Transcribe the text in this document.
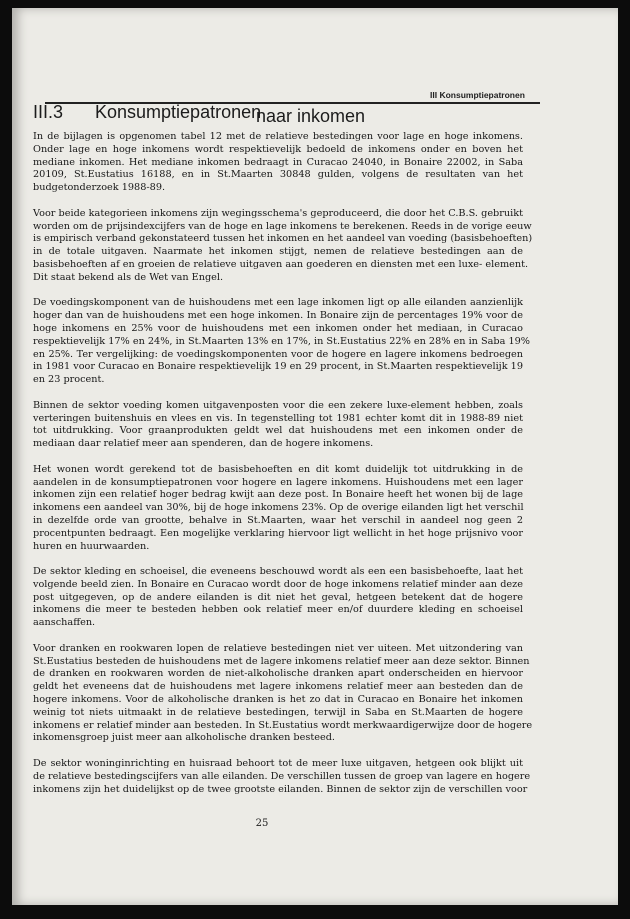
III Konsumptiepatronen
III.3 Konsumptiepatronen
naar inkomen
In de bijlagen is opgenomen tabel 12 met de relatieve bestedingen voor lage en hoge inkomens.
Onder lage en hoge inkomens wordt respektievelijk bedoeld de inkomens onder en boven het
mediane inkomen. Het mediane inkomen bedraagt in Curacao 24040, in Bonaire 22002, in Saba
20109, St.Eustatius 16188, en in St.Maarten 30848 gulden, volgens de resultaten van het
budgetonderzoek 1988-89.
Voor beide kategorieen inkomens zijn wegingsschema's geproduceerd, die door het C.B.S. gebruikt
worden om de prijsindexcijfers van de hoge en lage inkomens te berekenen. Reeds in de vorige eeuw
is empirisch verband gekonstateerd tussen het inkomen en het aandeel van voeding (basisbehoeften)
in de totale uitgaven. Naarmate het inkomen stijgt, nemen de relatieve bestedingen aan de
basisbehoeften af en groeien de relatieve uitgaven aan goederen en diensten met een luxe- element.
Dit staat bekend als de Wet van Engel.
De voedingskomponent van de huishoudens met een lage inkomen ligt op alle eilanden aanzienlijk
hoger dan van de huishoudens met een hoge inkomen. In Bonaire zijn de percentages 19% voor de
hoge inkomens en 25% voor de huishoudens met een inkomen onder het mediaan, in Curacao
respektievelijk 17% en 24%, in St.Maarten 13% en 17%, in St.Eustatius 22% en 28% en in Saba 19%
en 25%. Ter vergelijking: de voedingskomponenten voor de hogere en lagere inkomens bedroegen
in 1981 voor Curacao en Bonaire respektievelijk 19 en 29 procent, in St.Maarten respektievelijk 19
en 23 procent.
Binnen de sektor voeding komen uitgavenposten voor die een zekere luxe-element hebben, zoals
verteringen buitenshuis en vlees en vis. In tegenstelling tot 1981 echter komt dit in 1988-89 niet
tot uitdrukking. Voor graanprodukten geldt wel dat huishoudens met een inkomen onder de
mediaan daar relatief meer aan spenderen, dan de hogere inkomens.
Het wonen wordt gerekend tot de basisbehoeften en dit komt duidelijk tot uitdrukking in de
aandelen in de konsumptiepatronen voor hogere en lagere inkomens. Huishoudens met een lager
inkomen zijn een relatief hoger bedrag kwijt aan deze post. In Bonaire heeft het wonen bij de lage
inkomens een aandeel van 30%, bij de hoge inkomens 23%. Op de overige eilanden ligt het verschil
in dezelfde orde van grootte, behalve in St.Maarten, waar het verschil in aandeel nog geen 2
procentpunten bedraagt. Een mogelijke verklaring hiervoor ligt wellicht in het hoge prijsnivo voor
huren en huurwaarden.
De sektor kleding en schoeisel, die eveneens beschouwd wordt als een een basisbehoefte, laat het
volgende beeld zien. In Bonaire en Curacao wordt door de hoge inkomens relatief minder aan deze
post uitgegeven, op de andere eilanden is dit niet het geval, hetgeen betekent dat de hogere
inkomens die meer te besteden hebben ook relatief meer en/of duurdere kleding en schoeisel
aanschaffen.
Voor dranken en rookwaren lopen de relatieve bestedingen niet ver uiteen. Met uitzondering van
St.Eustatius besteden de huishoudens met de lagere inkomens relatief meer aan deze sektor. Binnen
de dranken en rookwaren worden de niet-alkoholische dranken apart onderscheiden en hiervoor
geldt het eveneens dat de huishoudens met lagere inkomens relatief meer aan besteden dan de
hogere inkomens. Voor de alkoholische dranken is het zo dat in Curacao en Bonaire het inkomen
weinig tot niets uitmaakt in de relatieve bestedingen, terwijl in Saba en St.Maarten de hogere
inkomens er relatief minder aan besteden. In St.Eustatius wordt merkwaardigerwijze door de hogere
inkomensgroep juist meer aan alkoholische dranken besteed.
De sektor woninginrichting en huisraad behoort tot de meer luxe uitgaven, hetgeen ook blijkt uit
de relatieve bestedingscijfers van alle eilanden. De verschillen tussen de groep van lagere en hogere
inkomens zijn het duidelijkst op de twee grootste eilanden. Binnen de sektor zijn de verschillen voor
25
